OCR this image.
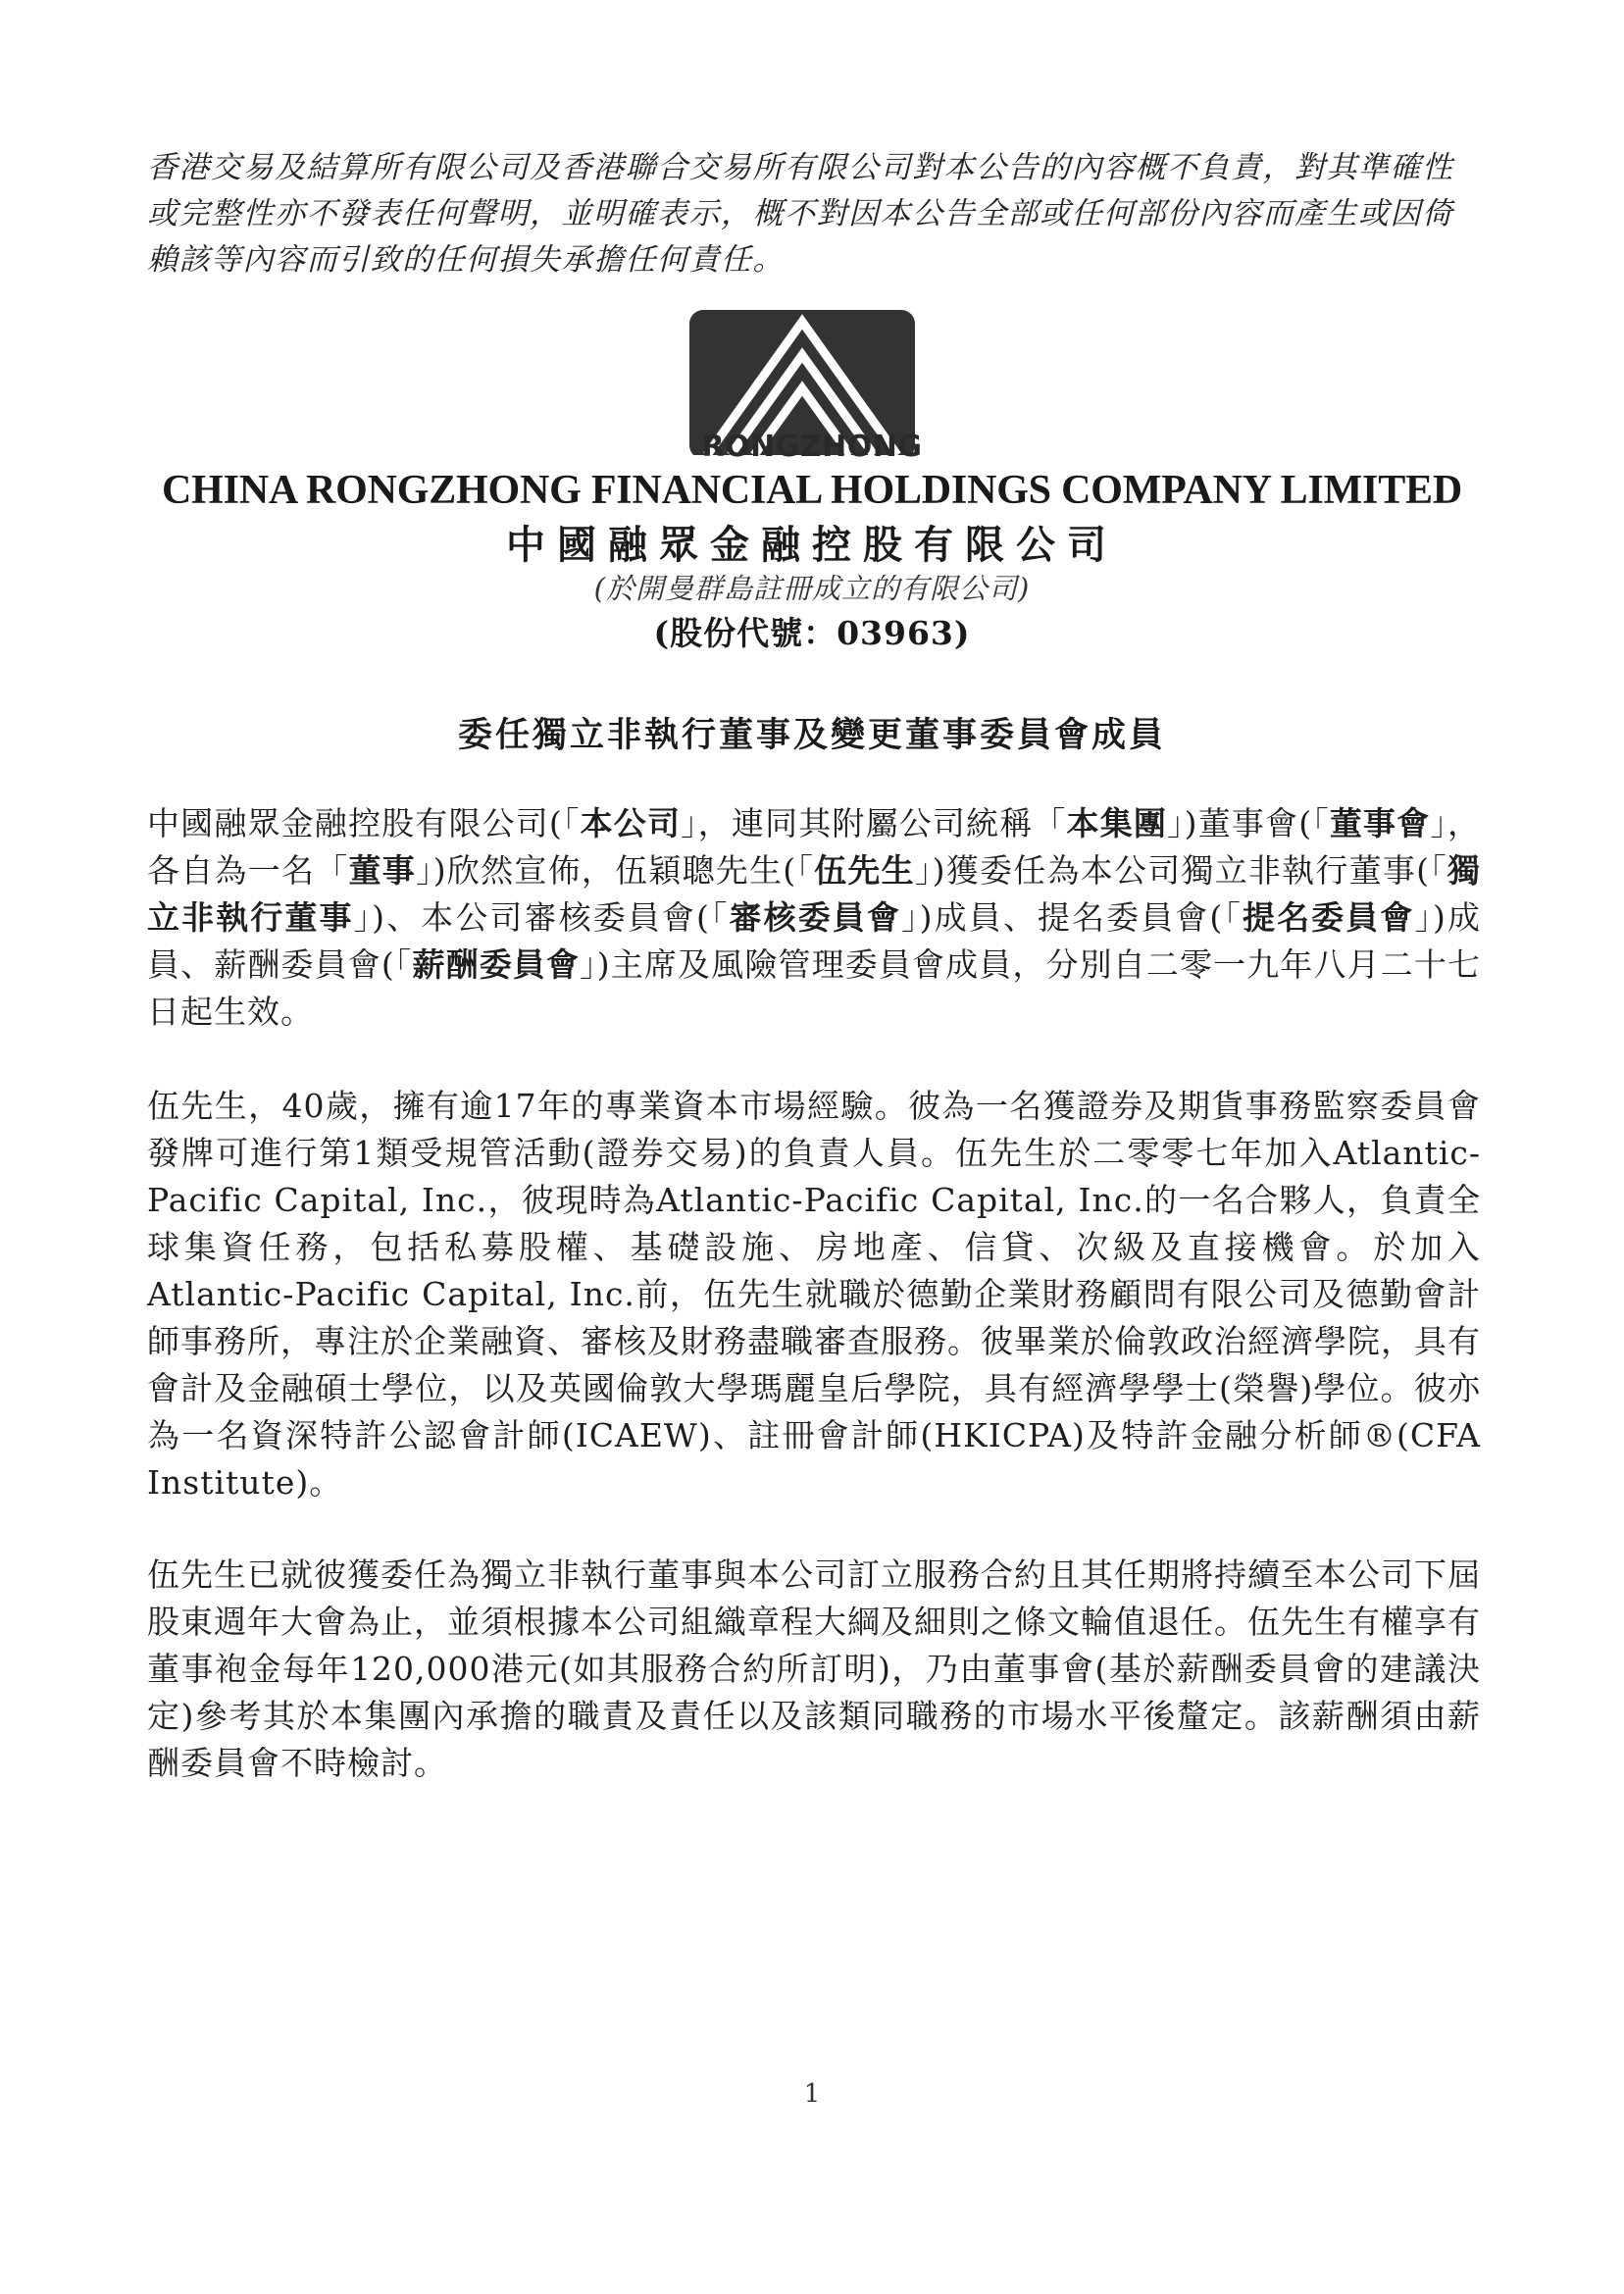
香港交易及結算所有限公司及香港聯合交易所有限公司對本公告的內容概不負責，對其準確性或完整性亦不發表任何聲明，並明確表示，概不對因本公告全部或任何部份內容而產生或因倚賴該等內容而引致的任何損失承擔任何責任。
RONGZHONG
CHINA RONGZHONG FINANCIAL HOLDINGS COMPANY LIMITED
中國融眾金融控股有限公司
(於開曼群島註冊成立的有限公司)
(股份代號：03963)
委任獨立非執行董事及變更董事委員會成員

中國融眾金融控股有限公司(「本公司」，連同其附屬公司統稱「本集團」)董事會(「董事會」，各自為一名「董事」)欣然宣佈，伍穎聰先生(「伍先生」)獲委任為本公司獨立非執行董事(「獨立非執行董事」)、本公司審核委員會(「審核委員會」)成員、提名委員會(「提名委員會」)成員、薪酬委員會(「薪酬委員會」)主席及風險管理委員會成員，分別自二零一九年八月二十七日起生效。

伍先生，40歲，擁有逾17年的專業資本市場經驗。彼為一名獲證券及期貨事務監察委員會發牌可進行第1類受規管活動(證券交易)的負責人員。伍先生於二零零七年加入Atlantic-Pacific Capital, Inc.，彼現時為Atlantic-Pacific Capital, Inc.的一名合夥人，負責全球集資任務，包括私募股權、基礎設施、房地產、信貸、次級及直接機會。於加入Atlantic-Pacific Capital, Inc.前，伍先生就職於德勤企業財務顧問有限公司及德勤會計師事務所，專注於企業融資、審核及財務盡職審查服務。彼畢業於倫敦政治經濟學院，具有會計及金融碩士學位，以及英國倫敦大學瑪麗皇后學院，具有經濟學學士(榮譽)學位。彼亦為一名資深特許公認會計師(ICAEW)、註冊會計師(HKICPA)及特許金融分析師®(CFA Institute)。

伍先生已就彼獲委任為獨立非執行董事與本公司訂立服務合約且其任期將持續至本公司下屆股東週年大會為止，並須根據本公司組織章程大綱及細則之條文輪值退任。伍先生有權享有董事袍金每年120,000港元(如其服務合約所訂明)，乃由董事會(基於薪酬委員會的建議決定)參考其於本集團內承擔的職責及責任以及該類同職務的市場水平後釐定。該薪酬須由薪酬委員會不時檢討。

1
